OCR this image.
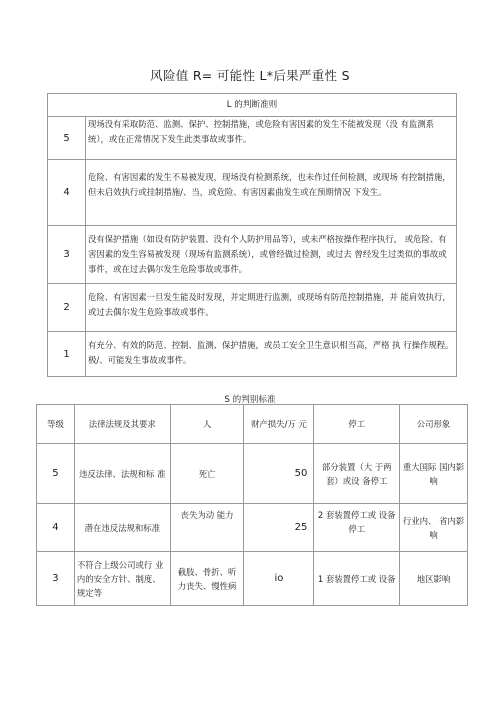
风险值 R= 可能性 L*后果严重性 S
L 的判断准则	
5	现场没有采取防范、监测、保护、控制措施，或危险有害因素的发生不能被发现（没 有监测系统），或在正常情况下发生此类事故或事件。
4	危险、有害因素的发生不易被发现，现场没有检测系统，也未作过任何检测，或现场 有控制措施，但未启效执行或挂制措施/、当，或危险、有害因素曲发生或在预期情况 下发生。
3	没有保护措施（如设有防护装置、没有个人防护用品等），或未严格按操作程序执行， 或危险、有害因素的发生容易被发现（现场有监测系统），或曾经做过检测，或过去 曾经发生过类似的事故或事件，或在过去偶尔发生危险事故或事件。
2	危险、有害因素一旦发生能及时发现，并定期进行监测，或现场有防范控制措施，并 能肩效执行，或过去偶尔发生危险事故或事件。
1	有充分、有效的防范、控制、监测、保护措施，或员工安全卫生意识相当高，严格 执 行操作规程。极/、可能发生事故或事件。
S 的判别标准
等级	法律法规及其要求	人	财产损失/万 元	停工	公司形象
5	违反法律、法规和标 准	死亡	50	部分装置（大 于两套）或设 备停工	重大国际 国内影响
4	潜在违反法规和标准	丧失为动 能力	25	2 套装置停工或 设备停工	行业内、 省内影响
3	不符合上级公司或行 业内的安全方针、制度、规定等	截肢、骨折、听 力丧失、慢性病	io	1 套装置停工或 设备	地区影响
